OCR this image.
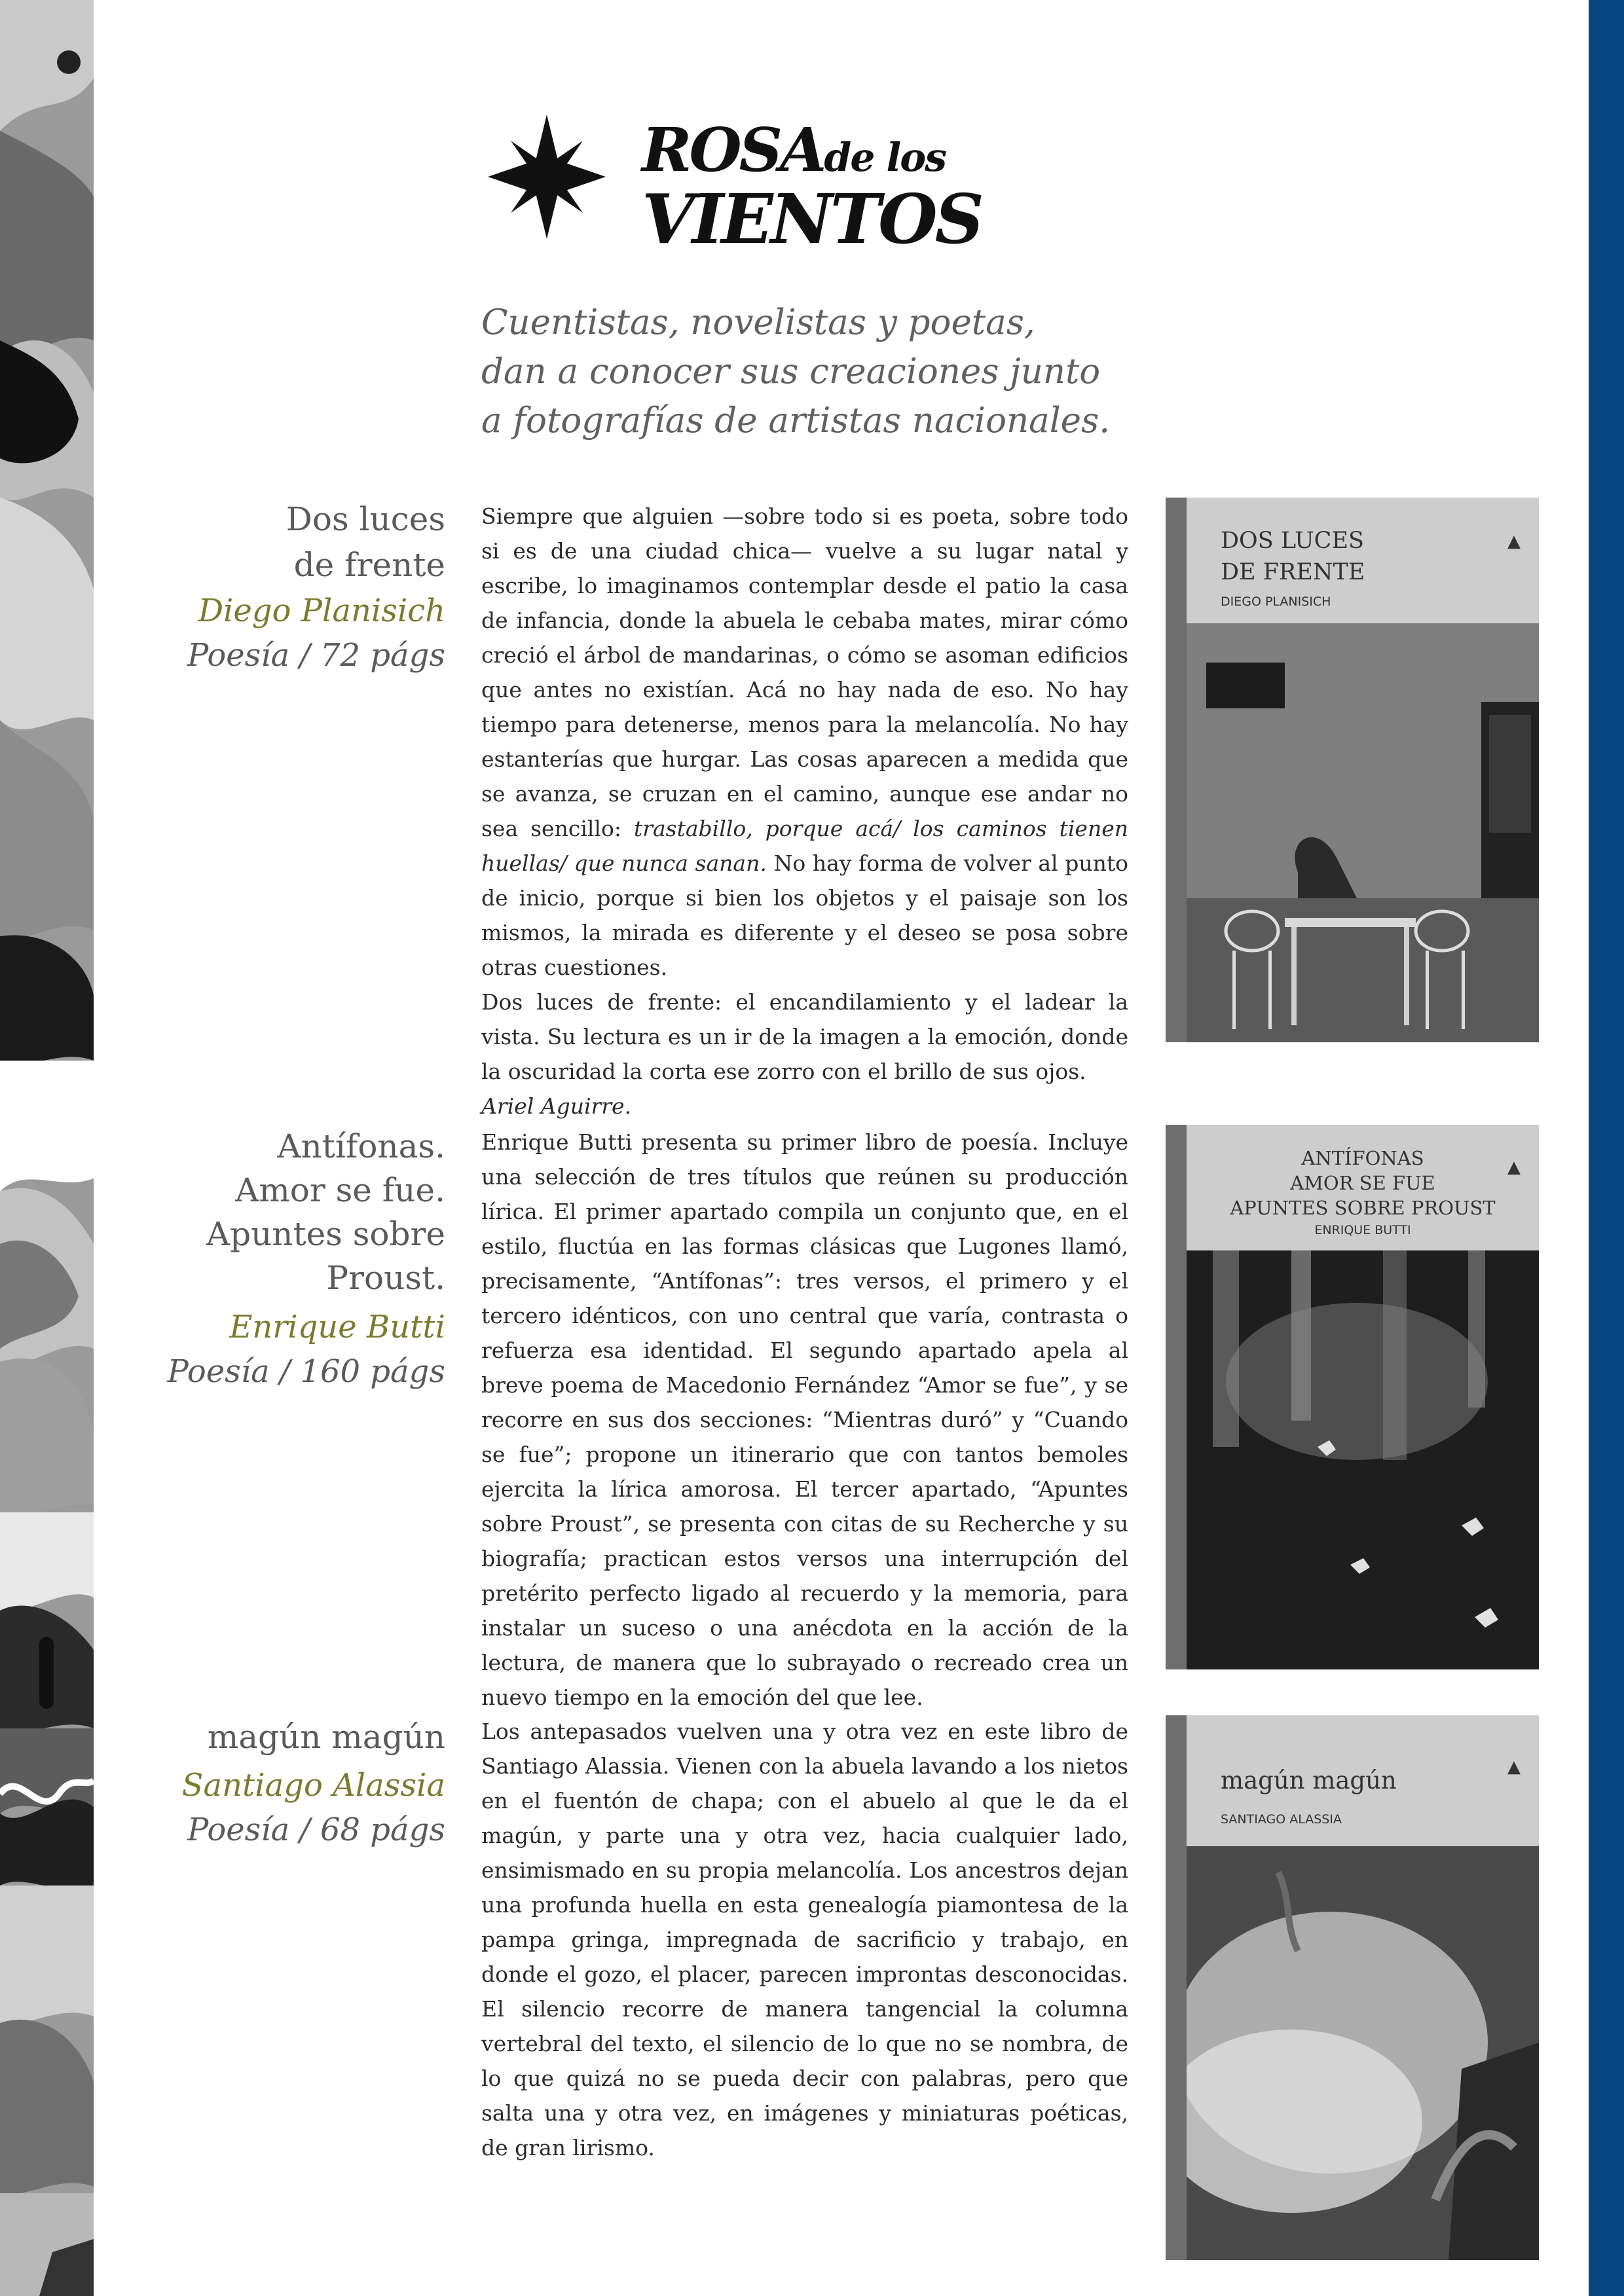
ROSAde los
VIENTOS
Cuentistas, novelistas y poetas,
dan a conocer sus creaciones junto
a fotografías de artistas nacionales.
Dos luces
de frente
Diego Planisich
Poesía / 72 págs

Siempre que alguien —sobre todo si es poeta, sobre todo si es de una ciudad chica— vuelve a su lugar natal y escribe, lo imaginamos contemplar desde el patio la casa de infancia, donde la abuela le cebaba mates, mirar cómo creció el árbol de mandarinas, o cómo se asoman edificios que antes no existían. Acá no hay nada de eso. No hay tiempo para detenerse, menos para la melancolía. No hay estanterías que hurgar. Las cosas aparecen a medida que se avanza, se cruzan en el camino, aunque ese andar no sea sencillo: trastabillo, porque acá/ los caminos tienen huellas/ que nunca sanan. No hay forma de volver al punto de inicio, porque si bien los objetos y el paisaje son los mismos, la mirada es diferente y el deseo se posa sobre otras cuestiones.

Dos luces de frente: el encandilamiento y el ladear la vista. Su lectura es un ir de la imagen a la emoción, donde la oscuridad la corta ese zorro con el brillo de sus ojos.

Ariel Aguirre.

DOS LUCES
DE FRENTE
DIEGO PLANISICH
▲
Antífonas.
Amor se fue.
Apuntes sobre
Proust.
Enrique Butti
Poesía / 160 págs

Enrique Butti presenta su primer libro de poesía. Incluye una selección de tres títulos que reúnen su producción lírica. El primer apartado compila un conjunto que, en el estilo, fluctúa en las formas clásicas que Lugones llamó, precisamente, “Antífonas”: tres versos, el primero y el tercero idénticos, con uno central que varía, contrasta o refuerza esa identidad. El segundo apartado apela al breve poema de Macedonio Fernández “Amor se fue”, y se recorre en sus dos secciones: “Mientras duró” y “Cuando se fue”; propone un itinerario que con tantos bemoles ejercita la lírica amorosa. El tercer apartado, “Apuntes sobre Proust”, se presenta con citas de su Recherche y su biografía; practican estos versos una interrupción del pretérito perfecto ligado al recuerdo y la memoria, para instalar un suceso o una anécdota en la acción de la lectura, de manera que lo subrayado o recreado crea un nuevo tiempo en la emoción del que lee.

ANTÍFONAS
AMOR SE FUE
APUNTES SOBRE PROUST
ENRIQUE BUTTI
▲
magún magún
Santiago Alassia
Poesía / 68 págs

Los antepasados vuelven una y otra vez en este libro de Santiago Alassia. Vienen con la abuela lavando a los nietos en el fuentón de chapa; con el abuelo al que le da el magún, y parte una y otra vez, hacia cualquier lado, ensimismado en su propia melancolía. Los ancestros dejan una profunda huella en esta genealogía piamontesa de la pampa gringa, impregnada de sacrificio y trabajo, en donde el gozo, el placer, parecen improntas desconocidas. El silencio recorre de manera tangencial la columna vertebral del texto, el silencio de lo que no se nombra, de lo que quizá no se pueda decir con palabras, pero que salta una y otra vez, en imágenes y miniaturas poéticas, de gran lirismo.

magún magún
SANTIAGO ALASSIA
▲
